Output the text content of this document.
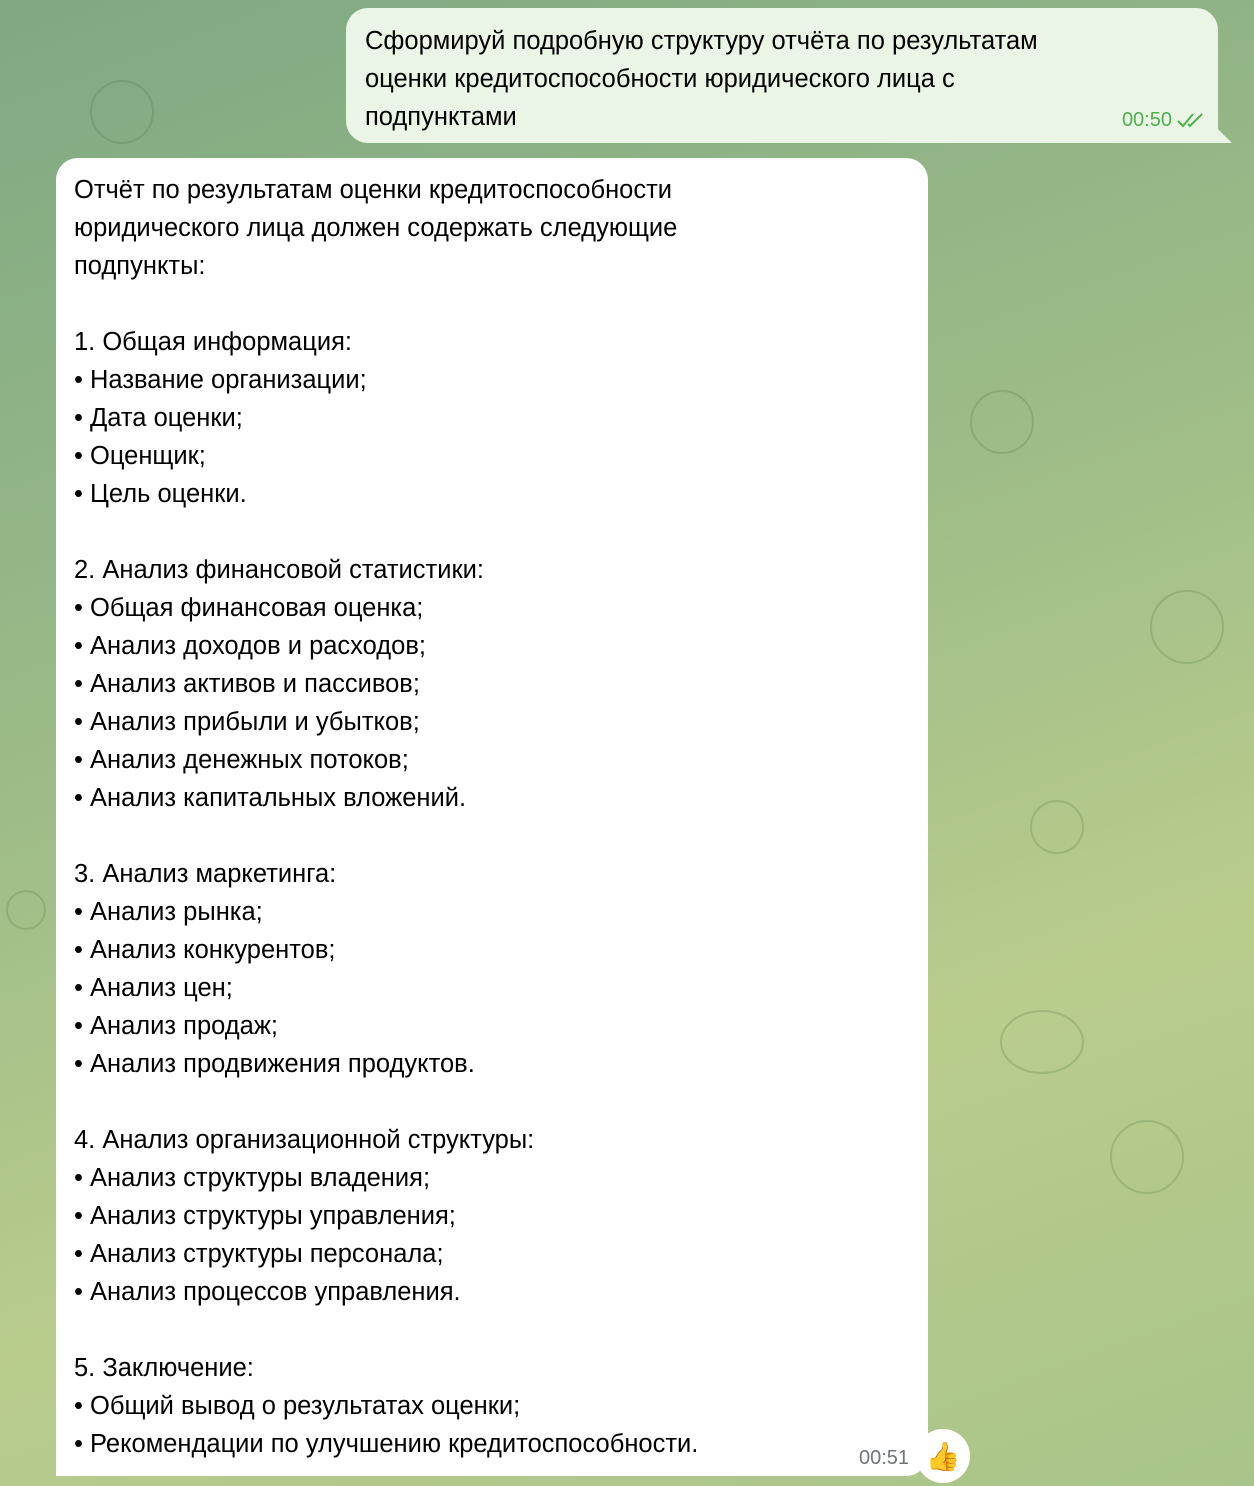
Сформируй подробную структуру отчёта по результатам
оценки кредитоспособности юридического лица с
подпунктами	00:50
Отчёт по результатам оценки кредитоспособности
юридического лица должен содержать следующие
подпункты:
1. Общая информация:
• Название организации;
• Дата оценки;
• Оценщик;
• Цель оценки.
2. Анализ финансовой статистики:
• Общая финансовая оценка;
• Анализ доходов и расходов;
• Анализ активов и пассивов;
• Анализ прибыли и убытков;
• Анализ денежных потоков;
• Анализ капитальных вложений.
3. Анализ маркетинга:
• Анализ рынка;
• Анализ конкурентов;
• Анализ цен;
• Анализ продаж;
• Анализ продвижения продуктов.
4. Анализ организационной структуры:
• Анализ структуры владения;
• Анализ структуры управления;
• Анализ структуры персонала;
• Анализ процессов управления.
5. Заключение:
• Общий вывод о результатах оценки;
• Рекомендации по улучшению кредитоспособности.	00:51 👍
